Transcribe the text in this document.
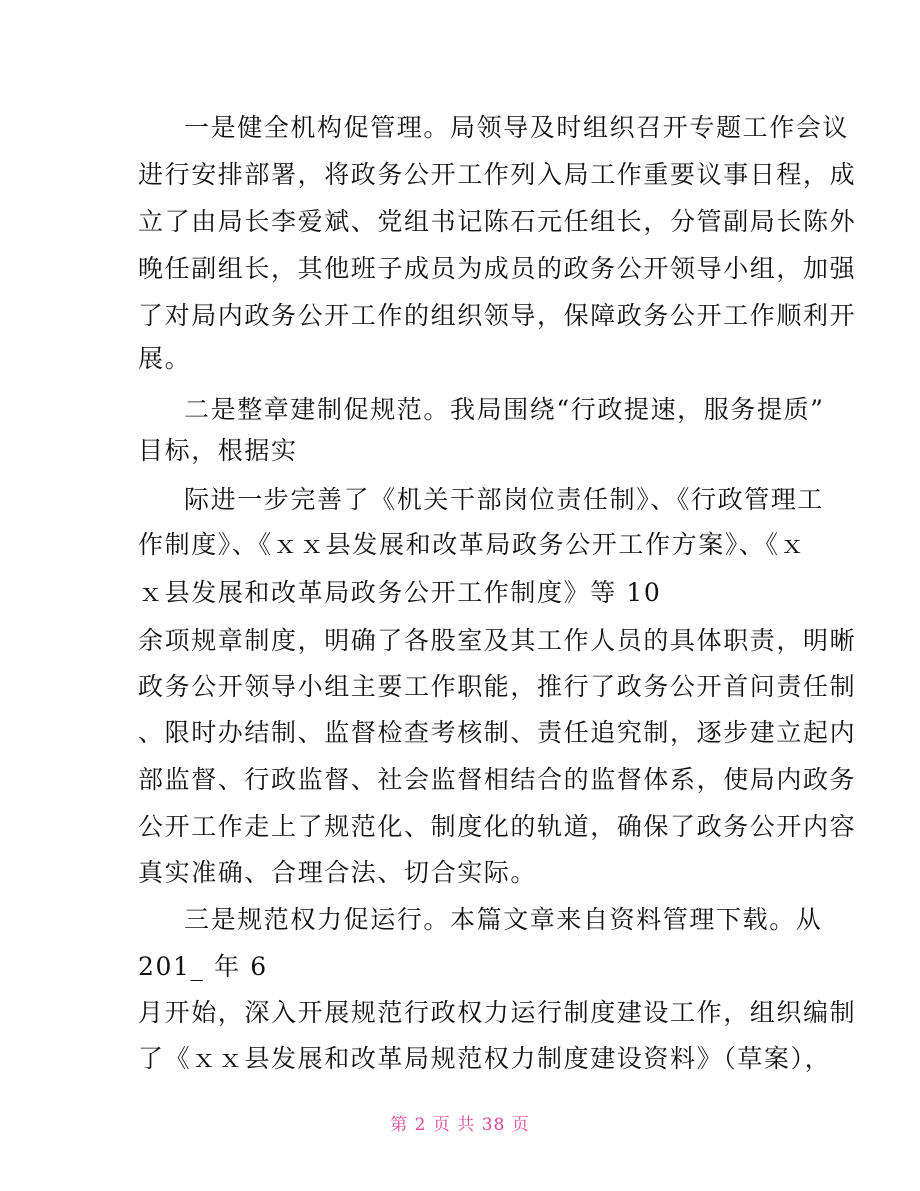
一是健全机构促管理。局领导及时组织召开专题工作会议
进行安排部署，将政务公开工作列入局工作重要议事日程，成
立了由局长李爱斌、党组书记陈石元任组长，分管副局长陈外
晚任副组长，其他班子成员为成员的政务公开领导小组，加强
了对局内政务公开工作的组织领导，保障政务公开工作顺利开
展。
二是整章建制促规范。我局围绕“行政提速，服务提质”
目标，根据实
际进一步完善了《机关干部岗位责任制》、《行政管理工
作制度》、《ｘｘ县发展和改革局政务公开工作方案》、《ｘ
ｘ县发展和改革局政务公开工作制度》等 10
余项规章制度，明确了各股室及其工作人员的具体职责，明晰
政务公开领导小组主要工作职能，推行了政务公开首问责任制
、限时办结制、监督检查考核制、责任追究制，逐步建立起内
部监督、行政监督、社会监督相结合的监督体系，使局内政务
公开工作走上了规范化、制度化的轨道，确保了政务公开内容
真实准确、合理合法、切合实际。
三是规范权力促运行。本篇文章来自资料管理下载。从
201_ 年 6
月开始，深入开展规范行政权力运行制度建设工作，组织编制
了《ｘｘ县发展和改革局规范权力制度建设资料》（草案），
第 2 页 共 38 页
